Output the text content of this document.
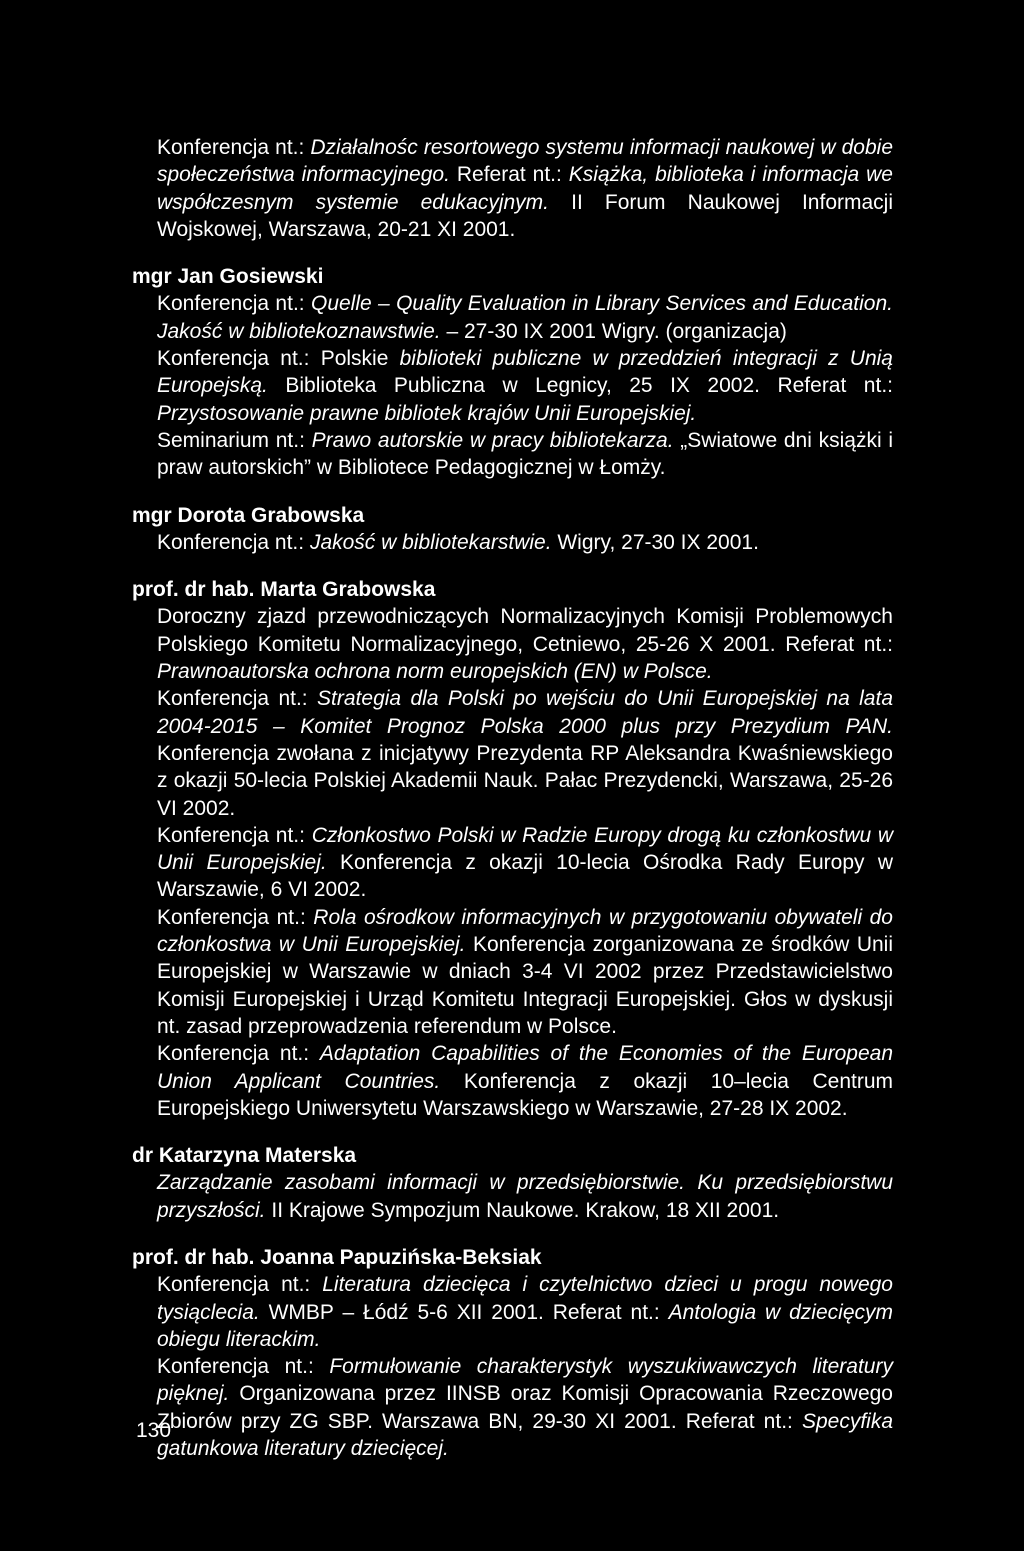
Konferencja nt.: Działalnośc resortowego systemu informacji naukowej w dobie społeczeństwa informacyjnego. Referat nt.: Książka, biblioteka i informacja we współczesnym systemie edukacyjnym. II Forum Naukowej Informacji Wojskowej, Warszawa, 20-21 XI 2001.

mgr Jan Gosiewski

Konferencja nt.: Quelle – Quality Evaluation in Library Services and Education. Jakość w bibliotekoznawstwie. – 27-30 IX 2001 Wigry. (organizacja)

Konferencja nt.: Polskie biblioteki publiczne w przeddzień integracji z Unią Europejską. Biblioteka Publiczna w Legnicy, 25 IX 2002. Referat nt.: Przystosowanie prawne bibliotek krajów Unii Europejskiej.

Seminarium nt.: Prawo autorskie w pracy bibliotekarza. „Swiatowe dni książki i praw autorskich” w Bibliotece Pedagogicznej w Łomży.

mgr Dorota Grabowska

Konferencja nt.: Jakość w bibliotekarstwie. Wigry, 27-30 IX 2001.

prof. dr hab. Marta Grabowska

Doroczny zjazd przewodniczących Normalizacyjnych Komisji Problemowych Polskiego Komitetu Normalizacyjnego, Cetniewo, 25-26 X 2001. Referat nt.: Prawnoautorska ochrona norm europejskich (EN) w Polsce.

Konferencja nt.: Strategia dla Polski po wejściu do Unii Europejskiej na lata 2004-2015 – Komitet Prognoz Polska 2000 plus przy Prezydium PAN. Konferencja zwołana z inicjatywy Prezydenta RP Aleksandra Kwaśniewskiego z okazji 50-lecia Polskiej Akademii Nauk. Pałac Prezydencki, Warszawa, 25-26 VI 2002.

Konferencja nt.: Członkostwo Polski w Radzie Europy drogą ku członkostwu w Unii Europejskiej. Konferencja z okazji 10-lecia Ośrodka Rady Europy w Warszawie, 6 VI 2002.

Konferencja nt.: Rola ośrodkow informacyjnych w przygotowaniu obywateli do członkostwa w Unii Europejskiej. Konferencja zorganizowana ze środków Unii Europejskiej w Warszawie w dniach 3-4 VI 2002 przez Przedstawicielstwo Komisji Europejskiej i Urząd Komitetu Integracji Europejskiej. Głos w dyskusji nt. zasad przeprowadzenia referendum w Polsce.

Konferencja nt.: Adaptation Capabilities of the Economies of the European Union Applicant Countries. Konferencja z okazji 10–lecia Centrum Europejskiego Uniwersytetu Warszawskiego w Warszawie, 27-28 IX 2002.

dr Katarzyna Materska

Zarządzanie zasobami informacji w przedsiębiorstwie. Ku przedsiębiorstwu przyszłości. II Krajowe Sympozjum Naukowe. Krakow, 18 XII 2001.

prof. dr hab. Joanna Papuzińska-Beksiak

Konferencja nt.: Literatura dziecięca i czytelnictwo dzieci u progu nowego tysiąclecia. WMBP – Łódź 5-6 XII 2001. Referat nt.: Antologia w dziecięcym obiegu literackim.

Konferencja nt.: Formułowanie charakterystyk wyszukiwawczych literatury pięknej. Organizowana przez IINSB oraz Komisji Opracowania Rzeczowego Zbiorów przy ZG SBP. Warszawa BN, 29-30 XI 2001. Referat nt.: Specyfika gatunkowa literatury dziecięcej.

130
